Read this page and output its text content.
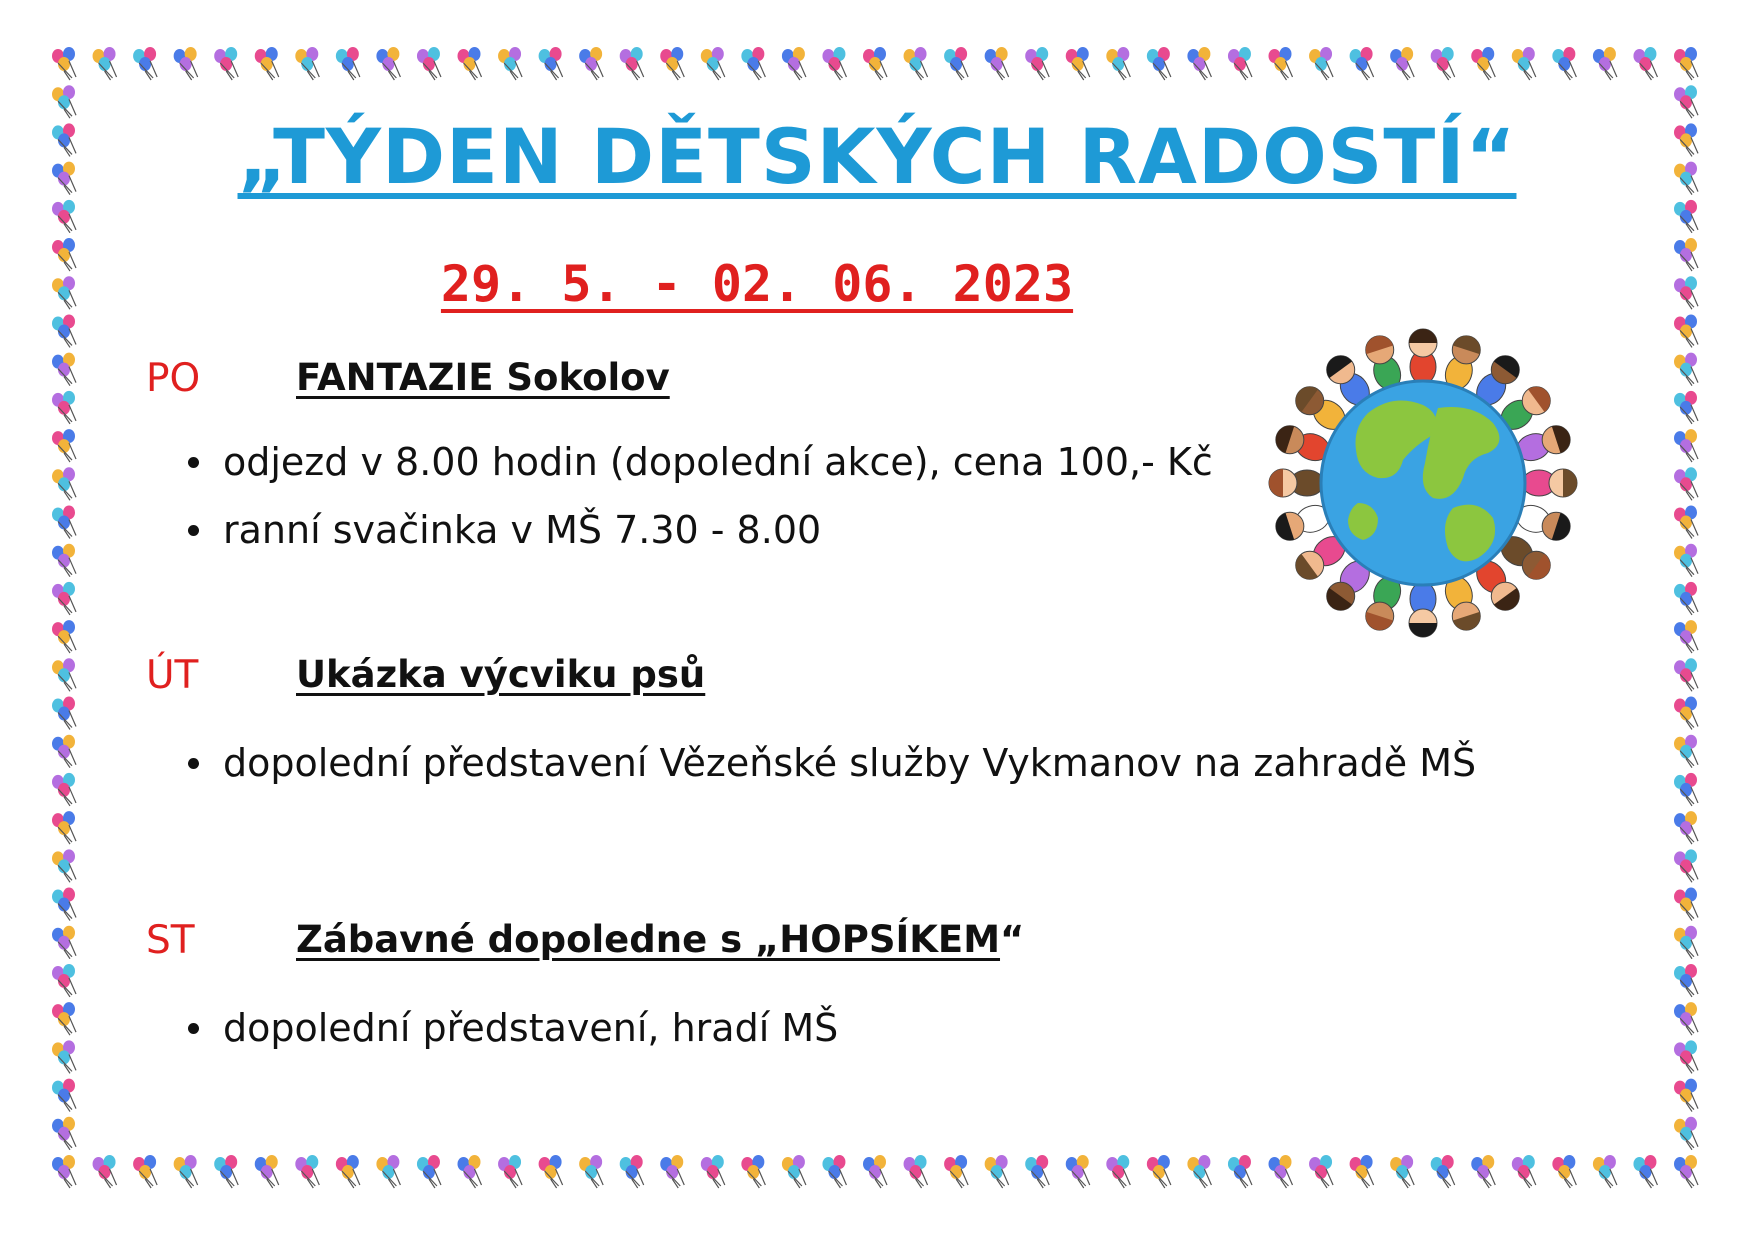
„TÝDEN DĚTSKÝCH RADOSTÍ“
29. 5. - 02. 06. 2023
PO	FANTAZIE Sokolov
odjezd v 8.00 hodin (dopolední akce), cena 100,- Kč
ranní svačinka v MŠ 7.30 - 8.00
ÚT	Ukázka výcviku psů
dopolední představení Vězeňské služby Vykmanov na zahradě MŠ
ST	Zábavné dopoledne s „HOPSÍKEM“
dopolední představení, hradí MŠ
